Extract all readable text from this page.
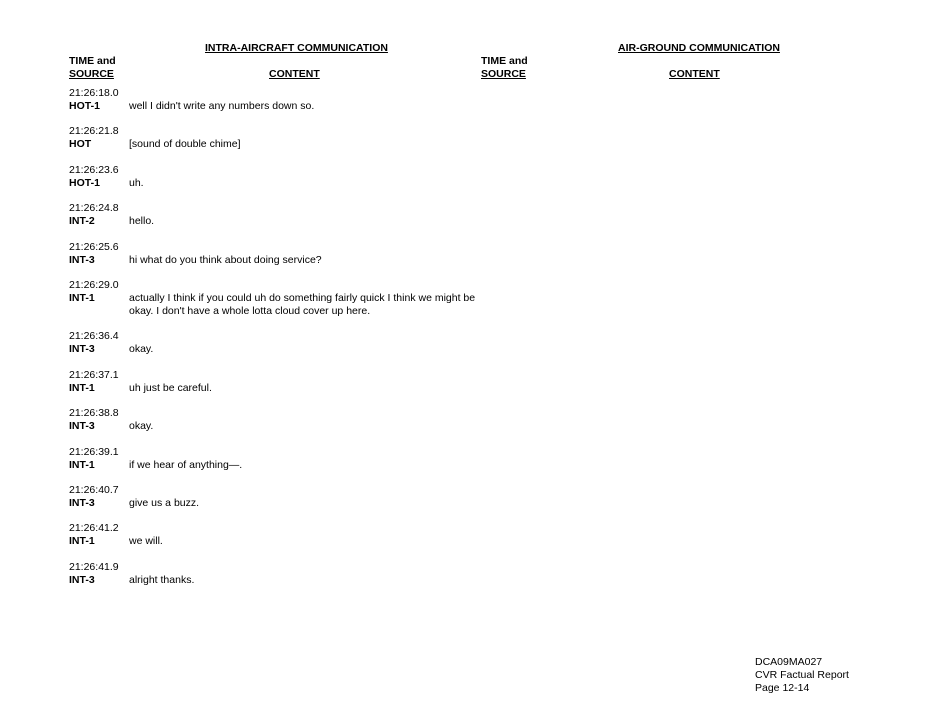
INTRA-AIRCRAFT COMMUNICATION	AIR-GROUND COMMUNICATION
TIME and
SOURCE	CONTENT
TIME and
SOURCE	CONTENT
21:26:18.0
HOT-1	well I didn't write any numbers down so.
21:26:21.8
HOT	[sound of double chime]
21:26:23.6
HOT-1	uh.
21:26:24.8
INT-2	hello.
21:26:25.6
INT-3	hi what do you think about doing service?
21:26:29.0
INT-1	actually I think if you could uh do something fairly quick I think we might be okay. I don't have a whole lotta cloud cover up here.
21:26:36.4
INT-3	okay.
21:26:37.1
INT-1	uh just be careful.
21:26:38.8
INT-3	okay.
21:26:39.1
INT-1	if we hear of anything—.
21:26:40.7
INT-3	give us a buzz.
21:26:41.2
INT-1	we will.
21:26:41.9
INT-3	alright thanks.
DCA09MA027
CVR Factual Report
Page 12-14
